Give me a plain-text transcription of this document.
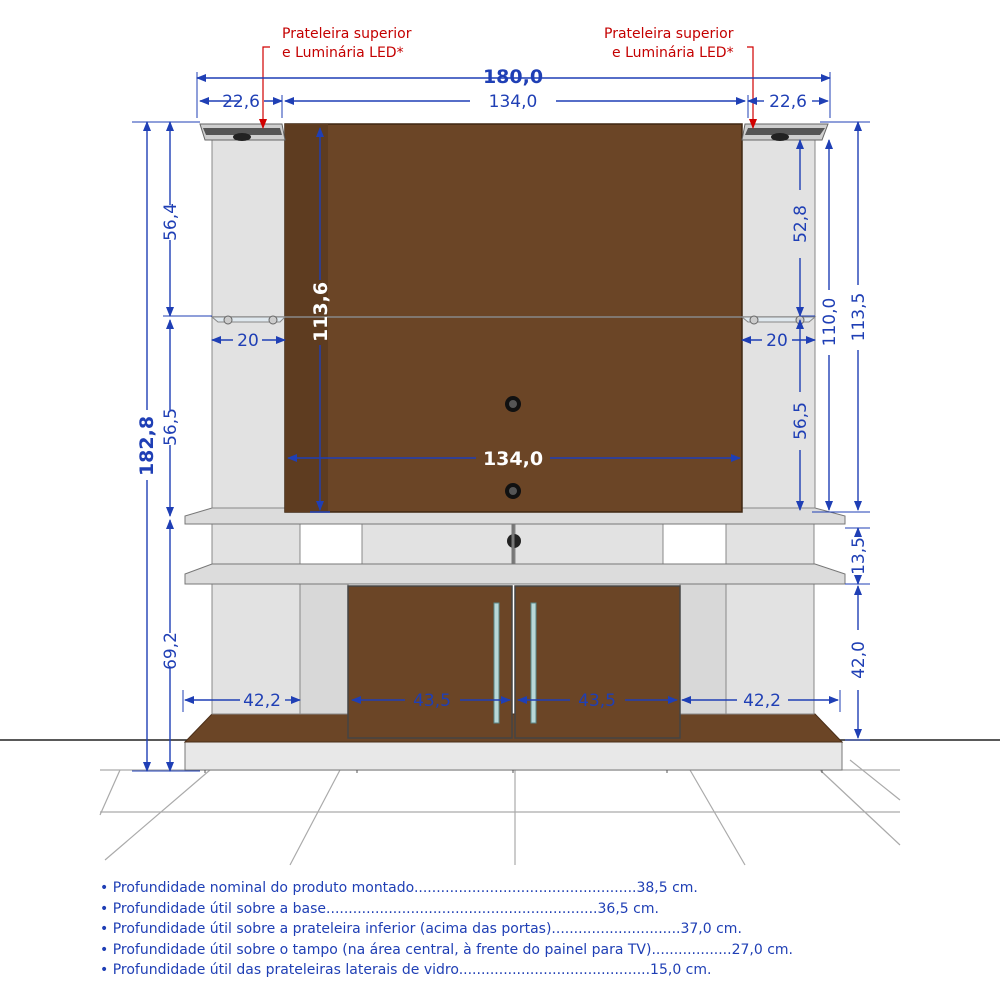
Prateleira superior
e Luminária LED*
Prateleira superior
e Luminária LED*
180,0
22,6	134,0	22,6
182,8
56,4
56,5
69,2
20	20
113,6
134,0
52,8
56,5
110,0 113,5
13,5
42,0
42,2	43,5	43,5	42,2
• Profundidade nominal do produto montado..................................................38,5 cm.
• Profundidade útil sobre a base.............................................................36,5 cm.
• Profundidade útil sobre a prateleira inferior (acima das portas).............................37,0 cm.
• Profundidade útil sobre o tampo (na área central, à frente do painel para TV)..................27,0 cm.
• Profundidade útil das prateleiras laterais de vidro...........................................15,0 cm.
